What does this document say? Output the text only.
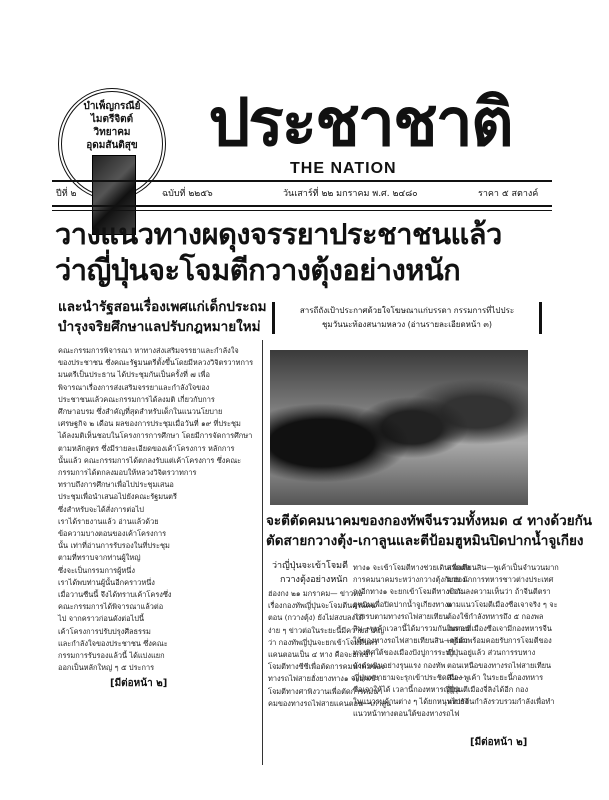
บำเพ็ญกรณีย์
ไมตรีจิตต์
วิทยาคม
อุดมสันติสุข	ประชาชาติ
THE NATION
ปีที่ ๒	ฉบับที่ ๒๒๕๖	วันเสาร์ที่ ๒๒ มกราคม พ.ศ. ๒๔๘๐	ราคา ๕ สตางค์
วางแนวทางผดุงจรรยาประชาชนแล้ว
ว่าญี่ปุ่นจะโจมตีกวางตุ้งอย่างหนัก
และนำรัฐสอนเรื่องเพศแก่เด็กประถม
บำรุงจริยศึกษาแลปรับกฎหมายใหม่
คณะกรรมการพิจารณา หาทางส่งเสริมจรรยาและกำลังใจ
ของประชาชน ซึ่งคณะรัฐมนตรีตั้งขึ้นโดยมีหลวงวิจิตรวาทการ
มนตรีเป็นประธาน ได้ประชุมกันเป็นครั้งที่ ๗ เพื่อ
พิจารณาเรื่องการส่งเสริมจรรยาและกำลังใจของ
ประชาชนแล้วคณะกรรมการได้ลงมติ เกี่ยวกับการ
ศึกษาอบรม ซึ่งสำคัญที่สุดสำหรับเด็กในแนวนโยบาย
เศรษฐกิจ ๒ เดือน ผลของการประชุมเมื่อวันที่ ๑๙ ที่ประชุม
ได้ลงมติเห็นชอบในโครงการการศึกษา โดยมีการจัดการศึกษา
ตามหลักสูตร ซึ่งมีรายละเอียดของเค้าโครงการ หลักการ
นั้นแล้ว คณะกรรมการได้ตกลงรับแต่เค้าโครงการ ซึ่งคณะ
กรรมการได้ตกลงมอบให้หลวงวิจิตรวาทการ
ทราบถึงการศึกษาเพื่อไปประชุมเสนอ
ประชุมเพื่อนำเสนอไปยังคณะรัฐมนตรี
ซึ่งสำหรับจะได้สั่งการต่อไป
เราได้รายงานแล้ว อ่านแล้วด้วย
ข้อความบางตอนของเค้าโครงการ
นั้น เท่าที่อ่านการรับรองในที่ประชุม
ตามที่ทราบจากท่านผู้ใหญ่
ซึ่งจะเป็นกรรมการผู้หนึ่ง
เราได้พบท่านผู้นั้นอีกคราวหนึ่ง
เมื่อวานซืนนี้ จึงได้ทราบเค้าโครงซึ่ง
คณะกรรมการได้พิจารณาแล้วต่อ
ไป จากคราวก่อนดังต่อไปนี้
เค้าโครงการปรับปรุงศีลธรรม
และกำลังใจของประชาชน ซึ่งคณะ
กรรมการรับรองแล้วนี้ ได้แบ่งแยก
ออกเป็นหลักใหญ่ ๆ ๕ ประการ
[มีต่อหน้า ๒]
สารถีถังเป้าประกาศด้วยใจโฆษณาแก่บรรดา กรรมการที่ไปประ
ชุมวันนะท้องสนามหลวง (อ่านรายละเอียดหน้า ๓)
จะตีตัดคมนาคมของกองทัพจีนรวมทั้งหมด ๔ ทางด้วยกัน
ตัดสายกวางตุ้ง-เกาลูนและตีป้อมฮูหมินปิดปากน้ำจูเกียง
ว่าญี่ปุ่นจะเข้าโจมตี
กวางตุ้งอย่างหนัก
ฮ่องกง ๒๑ มกราคม— ข่าวต่อ
เรื่องกองทัพญี่ปุ่นจะโจมตีนครแคน
ตอน (กวางตุ้ง) ยังไม่สงบลงได้
ง่าย ๆ ข่าวต่อในระยะนี้มีความสำคัญ
ว่า กองทัพญี่ปุ่นจะยกเข้าโจมตีนคร
แคนตอนเป็น ๔ ทาง คือจะยกเข้า
โจมตีทางซีซีเพื่อตัดการคมนาคมของ
ทางรถไฟสายฮั่งยางทาง๑ จะยกเข้า
โจมตีทางศาพิงวานเพื่อตัดการคมนา
คมของทางรถไฟสายแคนตอน—เกาลูน
ทาง๑ จะเข้าโจมตีทางช่วยเดินเพื่อตัด
การคมนาคมระหว่างกวางตุ้งกับฮ่อง
กงอีกทาง๑ จะยกเข้าโจมตีทางป้อม
ฮูหมินเพื่อปิดปากน้ำจูเกียงทาง๑
การรบตามทางรถไฟสายเทียน
สิน—พูเค้าเวลานี้ได้มารวมกันในตอน
ใต้ของทางรถไฟสายเทียนสิน—พูเค้า
ทางทิศใต้ของเมืองปังปูการระทำ
ดังดำเนินอย่างรุนแรง กองทัพ
ญี่ปุ่นพยายามจะรุกเข้าประชิดเมือง
ซือเจาให้ได้ เวลานี้กองทหารญี่ปุ่น
ในแนวรบด้านต่าง ๆ ได้ยกหนุนไปยัง
แนวหน้าทางตอนใต้ของทางรถไฟ
สายเทียนสิน—พูเค้าเป็นจำนวนมาก
มาย นักการทหารชาวต่างประเทศ
พากันลงความเห็นว่า ถ้าจีนตีตรา
ตามแนวโจมตีเมืองซือเจาจริง ๆ จะ
ต้องใช้กำลังทหารถึง ๕ กองพล
เพราะที่เมืองซือเจามีกองทหารจีน
เตรียมพร้อมคอยรับการโจมตีของ
ญี่ปุ่นอยู่แล้ว ส่วนการรบทาง
ตอนเหนือของทางรถไฟสายเทียน
สิน—พูเค้า ในระยะนี้กองทหาร
ญี่ปุ่นตีเมืองจี่ลิงได้อีก กอง
ทหารจีนกำลังรวบรวมกำลังเพื่อทำ
[มีต่อหน้า ๒]
